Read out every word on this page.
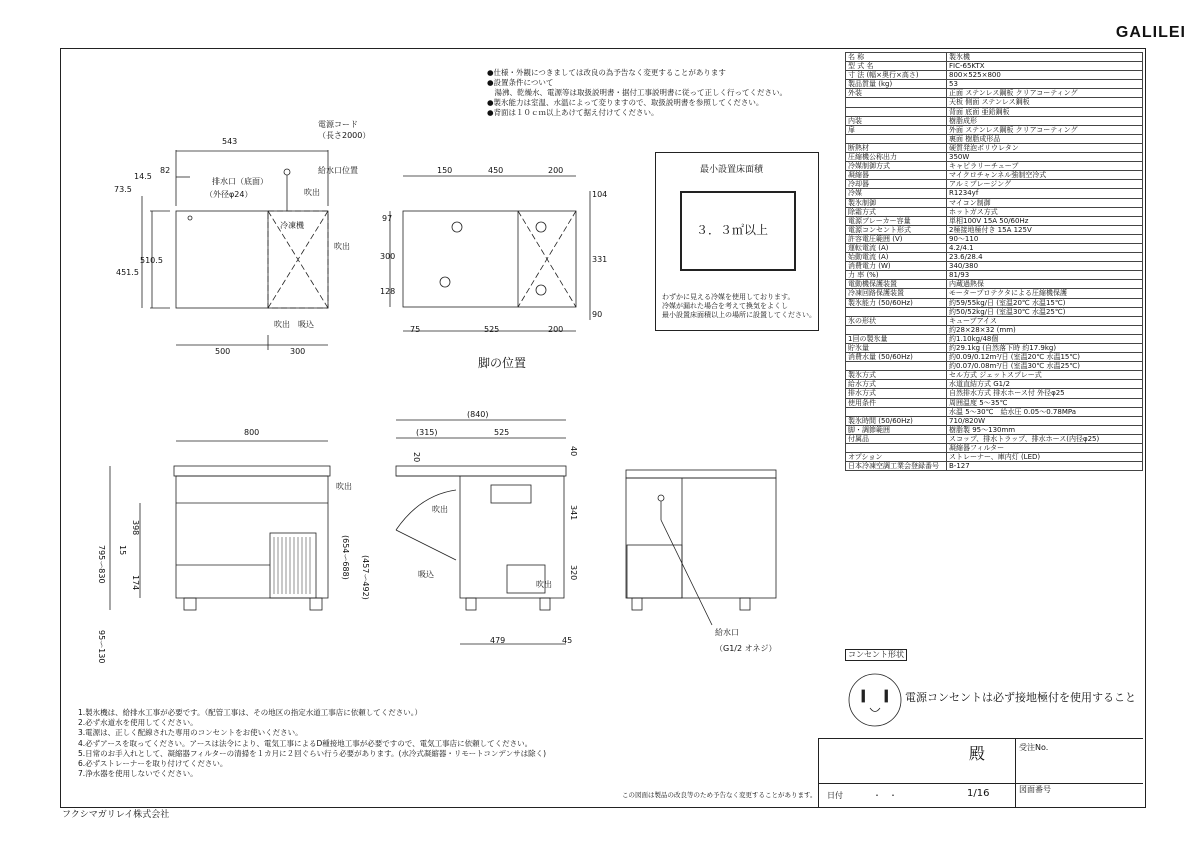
GALILEI
●仕様・外観につきましては改良の為予告なく変更することがあります
●設置条件について
　湯沸、乾燥水、電源等は取扱説明書・据付工事説明書に従って正しく行ってください。
●製氷能力は室温、水温によって変りますので、取扱説明書を参照してください。
●背面は１０ｃｍ以上あけて据え付けてください。
543
82
73.5
14.5
451.5
510.5
500	300
電源コード
（長さ2000）
給水口位置
排水口（底面）
（外径φ24）
冷凍機
吹出
吹出
吹出 吸込
150	450	200
104
97
300	331
128
90
75	525	200
脚の位置
最小設置床面積
３．３㎡以上
わずかに見える冷媒を使用しております。
冷媒が漏れた場合を考えて換気をよくし
最小設置床面積以上の場所に設置してください。
800
795～830
398
15
174
95～130
(840)
(315)	525
40
20
341
(654～688) (457～492)	320
479	45
吹出
吹出
吸込
吹出
給水口
（G1/2 オネジ）
名 称	製氷機
型 式 名	FIC-65KTX
寸 法 (幅×奥行×高さ)	800×525×800
製品質量 (kg)	53
外装	正面 ステンレス鋼板 クリアコーティング
	天板 側面 ステンレス鋼板
	背面 底面 亜鉛鋼板
内装	樹脂成形
扉	外面 ステンレス鋼板 クリアコーティング
	裏面 樹脂成形品
断熱材	硬質発泡ポリウレタン
圧縮機公称出力	350W
冷媒制御方式	キャピラリーチューブ
凝縮器	マイクロチャンネル強制空冷式
冷却器	アルミブレージング
冷媒	R1234yf
製氷制御	マイコン制御
除霜方式	ホットガス方式
電源ブレーカー容量	単相100V 15A 50/60Hz
電源コンセント形式	2極接地極付き 15A 125V
許容電圧範囲 (V)	90～110
運転電流 (A)	4.2/4.1
始動電流 (A)	23.6/28.4
消費電力 (W)	340/380
力 率 (%)	81/93
電動機保護装置	内蔵過熱保
冷凍回路保護装置	モータープロテクタによる圧縮機保護
製氷能力 (50/60Hz)	約59/55kg/日 (室温20℃ 水温15℃)
	約50/52kg/日 (室温30℃ 水温25℃)
氷の形状	キューブアイス
	約28×28×32 (mm)
1回の製氷量	約1.10kg/48個
貯氷量	約29.1kg (自然落下時 約17.9kg)
消費水量 (50/60Hz)	約0.09/0.12m³/日 (室温20℃ 水温15℃)
	約0.07/0.08m³/日 (室温30℃ 水温25℃)
製氷方式	セル方式 ジェットスプレー式
給水方式	水道直結方式 G1/2
排水方式	自然排水方式 排水ホース付 外径φ25
使用条件	周囲温度 5～35℃
	水温 5～30℃　給水圧 0.05～0.78MPa
製氷時間 (50/60Hz)	710/820W
脚・調節範囲	樹脂製 95～130mm
付属品	スコップ、排水トラップ、排水ホース(内径φ25)
	凝縮器フィルター
オプション	ストレーナー、庫内灯 (LED)
日本冷凍空調工業会登録番号	B-127
コンセント形状
電源コンセントは必ず接地極付を使用すること
1.製氷機は、給排水工事が必要です。（配管工事は、その地区の指定水道工事店に依頼してください。）
2.必ず水道水を使用してください。
3.電源は、正しく配線された専用のコンセントをお使いください。
4.必ずアースを取ってください。アースは法令により、電気工事によるD種接地工事が必要ですので、電気工事店に依頼してください。
5.日常のお手入れとして、凝縮器フィルターの清掃を１カ月に２回ぐらい行う必要があります。(水冷式凝縮器・リモートコンデンサは除く)
6.必ずストレーナーを取り付けてください。
7.浄水器を使用しないでください。
この図面は製品の改良等のため予告なく変更することがあります。
フクシマガリレイ株式会社
殿	受注No.
日付	・　・	1/16	図面番号
